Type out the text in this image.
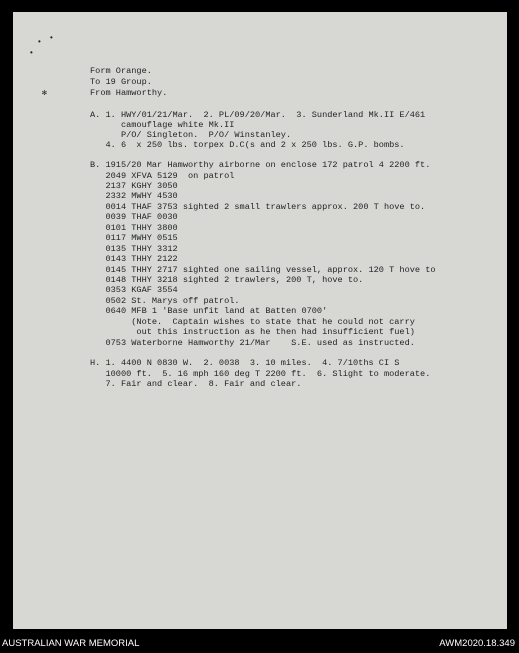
• •
•
✻

Form Orange.

To 19 Group.

From Hamworthy.

A. 1. HWY/01/21/Mar.  2. PL/09/20/Mar.  3. Sunderland Mk.II E/461

camouflage white Mk.II

P/O/ Singleton.  P/O/ Winstanley.

4. 6  x 250 lbs. torpex D.C(s and 2 x 250 lbs. G.P. bombs.

B. 1915/20 Mar Hamworthy airborne on enclose 172 patrol 4 2200 ft.

2049 XFVA 5129  on patrol

2137 KGHY 3050

2332 MWHY 4530

0014 THAF 3753 sighted 2 small trawlers approx. 200 T hove to.

0039 THAF 0030

0101 THHY 3800

0117 MWHY 0515

0135 THHY 3312

0143 THHY 2122

0145 THHY 2717 sighted one sailing vessel, approx. 120 T hove to

0148 THHY 3218 sighted 2 trawlers, 200 T, hove to.

0353 KGAF 3554

0502 St. Marys off patrol.

0640 MFB 1 'Base unfit land at Batten 0700'

(Note.  Captain wishes to state that he could not carry

out this instruction as he then had insufficient fuel)

0753 Waterborne Hamworthy 21/Mar    S.E. used as instructed.

H. 1. 4400 N 0830 W.  2. 0038  3. 10 miles.  4. 7/10ths CI S

10000 ft.  5. 16 mph 160 deg T 2200 ft.  6. Slight to moderate.

7. Fair and clear.  8. Fair and clear.

AUSTRALIAN WAR MEMORIAL	AWM2020.18.349
